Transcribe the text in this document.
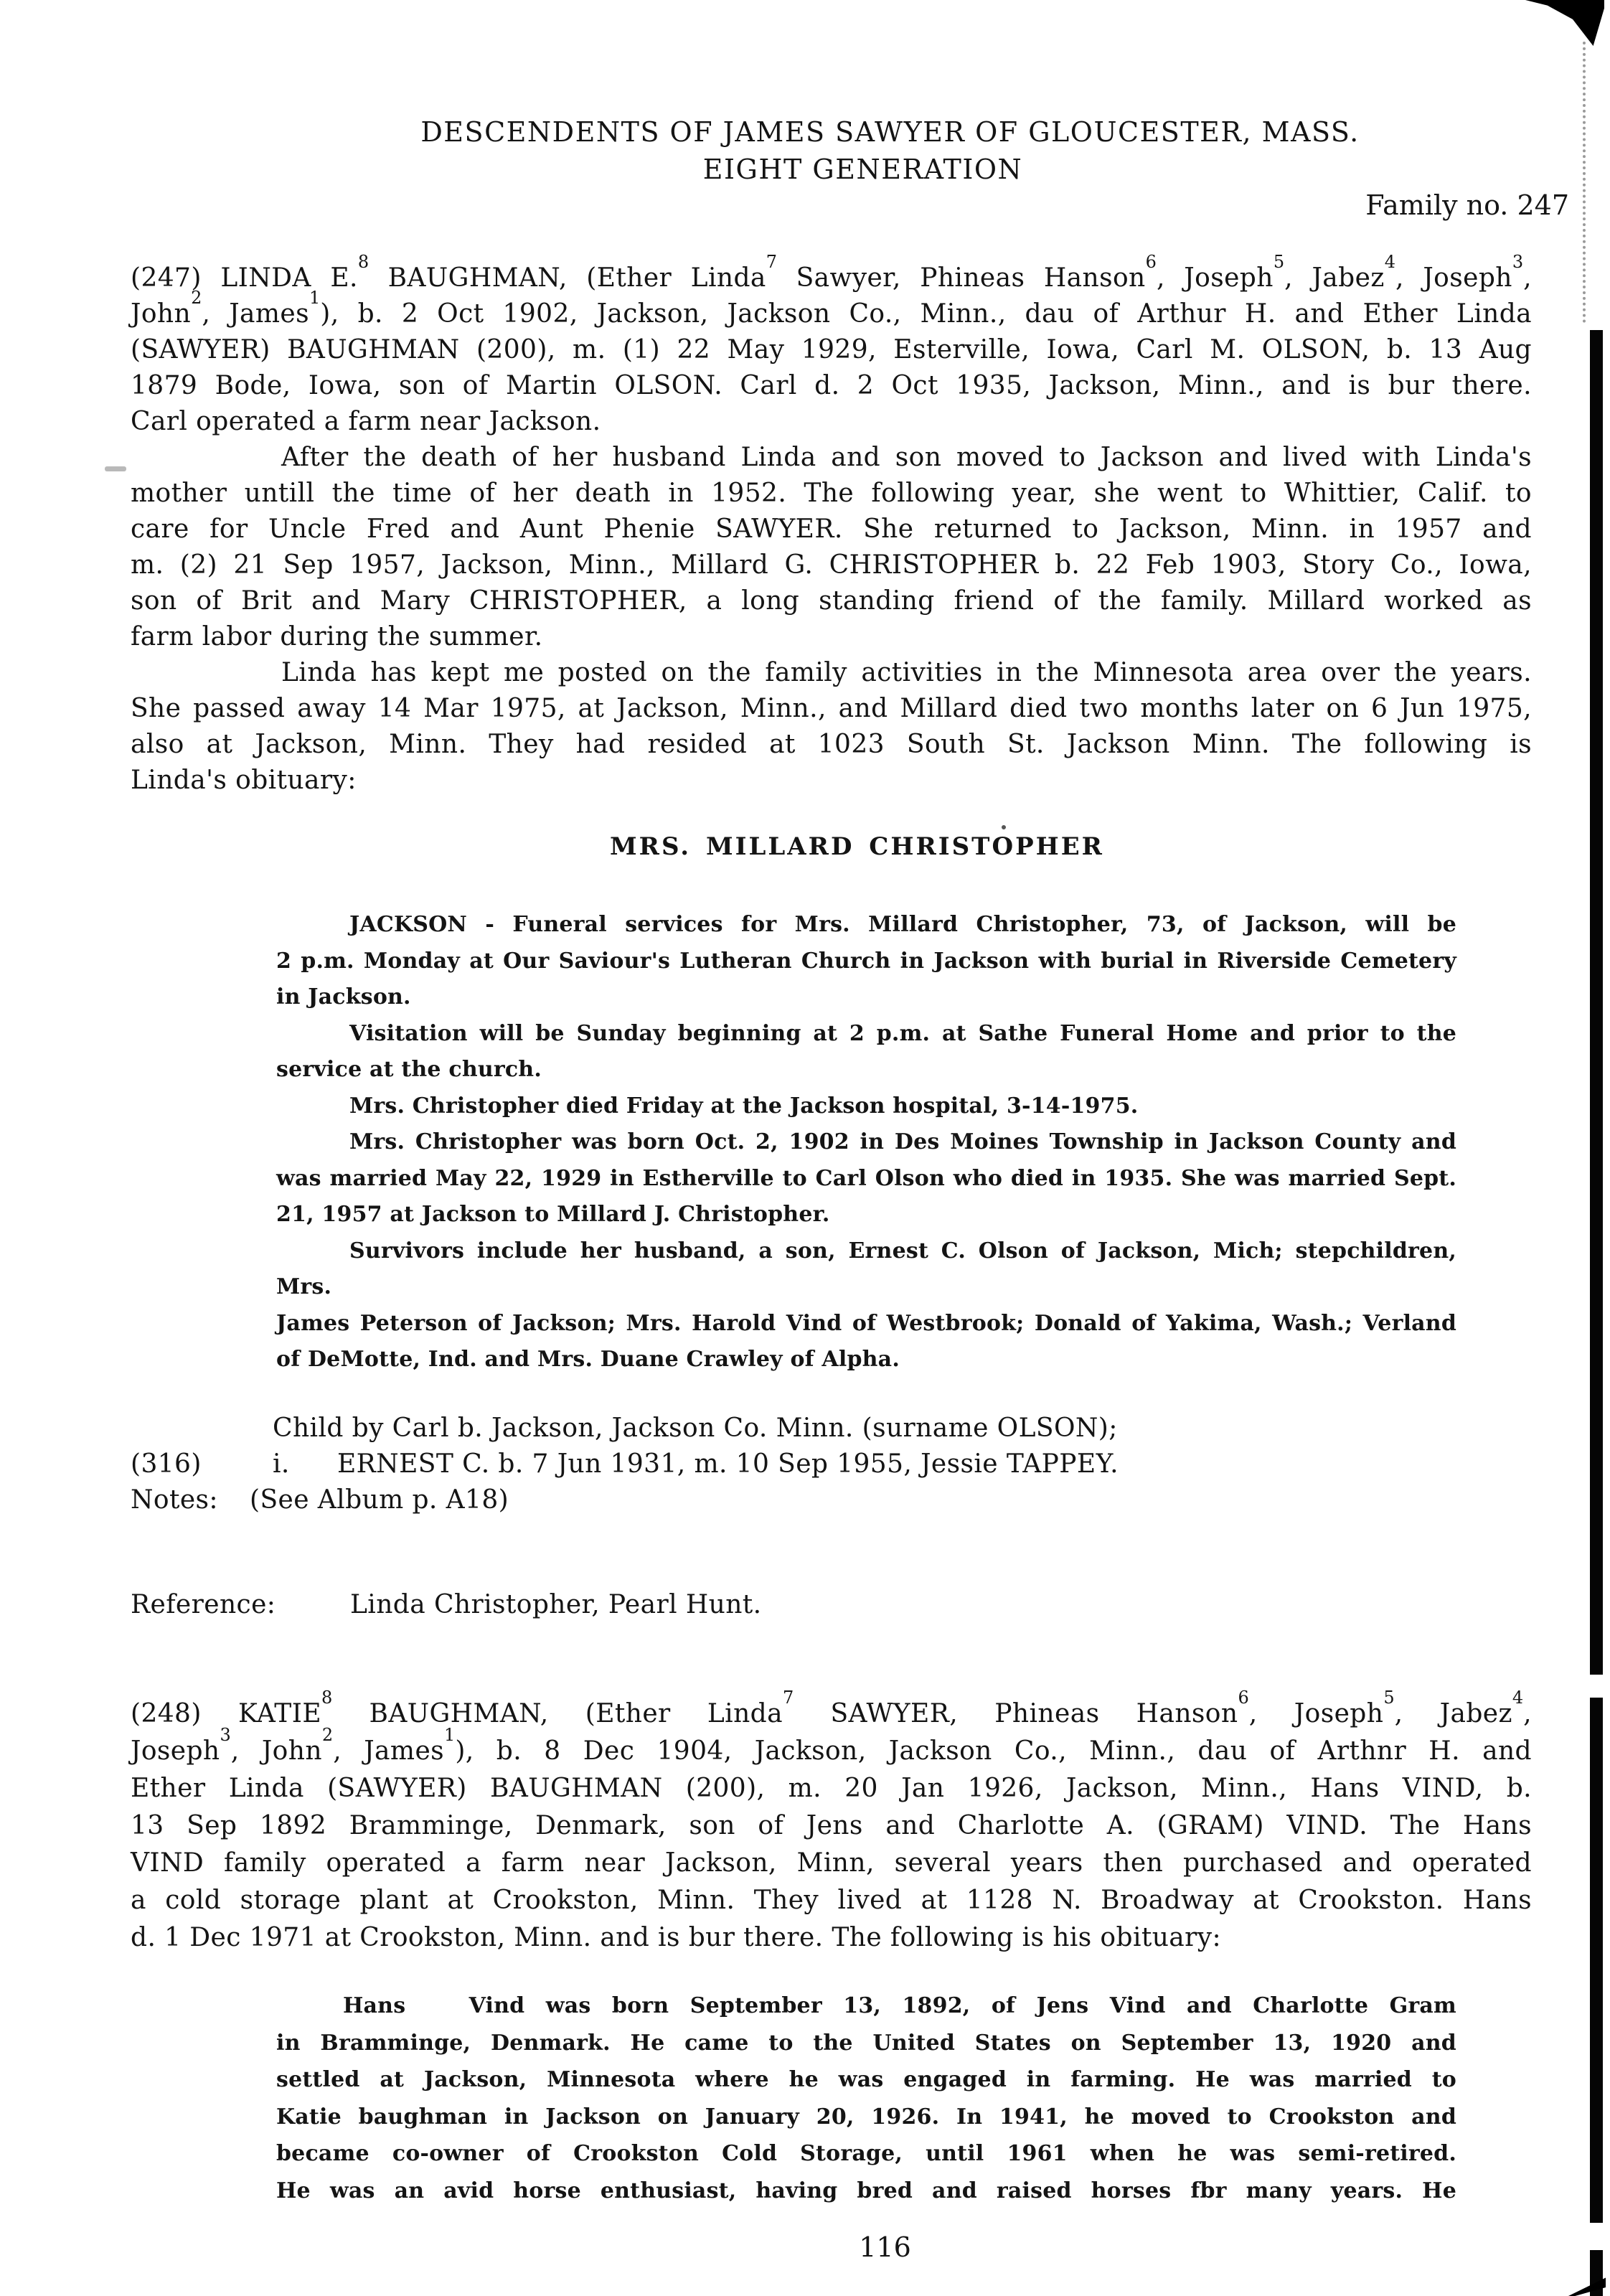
DESCENDENTS OF JAMES SAWYER OF GLOUCESTER, MASS.
EIGHT GENERATION
Family no. 247
(247) LINDA E.$^8$ BAUGHMAN, (Ether Linda$^7$ Sawyer, Phineas Hanson$^6$, Joseph$^5$, Jabez$^4$, Joseph$^3$,
John$^2$, James$^1$), b. 2 Oct 1902, Jackson, Jackson Co., Minn., dau of Arthur H. and Ether Linda
(SAWYER) BAUGHMAN (200), m. (1) 22 May 1929, Esterville, Iowa, Carl M. OLSON, b. 13 Aug
1879 Bode, Iowa, son of Martin OLSON. Carl d. 2 Oct 1935, Jackson, Minn., and is bur there.
Carl operated a farm near Jackson.
After the death of her husband Linda and son moved to Jackson and lived with Linda's
mother untill the time of her death in 1952. The following year, she went to Whittier, Calif. to
care for Uncle Fred and Aunt Phenie SAWYER. She returned to Jackson, Minn. in 1957 and
m. (2) 21 Sep 1957, Jackson, Minn., Millard G. CHRISTOPHER b. 22 Feb 1903, Story Co., Iowa,
son of Brit and Mary CHRISTOPHER, a long standing friend of the family. Millard worked as
farm labor during the summer.
Linda has kept me posted on the family activities in the Minnesota area over the years.
She passed away 14 Mar 1975, at Jackson, Minn., and Millard died two months later on 6 Jun 1975,
also at Jackson, Minn. They had resided at 1023 South St. Jackson Minn. The following is
Linda's obituary:
MRS. MILLARD CHRISTOPHER
JACKSON - Funeral services for Mrs. Millard Christopher, 73, of Jackson, will be
2 p.m. Monday at Our Saviour's Lutheran Church in Jackson with burial in Riverside Cemetery
in Jackson.
Visitation will be Sunday beginning at 2 p.m. at Sathe Funeral Home and prior to the
service at the church.
Mrs. Christopher died Friday at the Jackson hospital, 3-14-1975.
Mrs. Christopher was born Oct. 2, 1902 in Des Moines Township in Jackson County and
was married May 22, 1929 in Estherville to Carl Olson who died in 1935. She was married Sept.
21, 1957 at Jackson to Millard J. Christopher.
Survivors include her husband, a son, Ernest C. Olson of Jackson, Mich; stepchildren, Mrs.
James Peterson of Jackson; Mrs. Harold Vind of Westbrook; Donald of Yakima, Wash.; Verland
of DeMotte, Ind. and Mrs. Duane Crawley of Alpha.
Child by Carl b. Jackson, Jackson Co. Minn. (surname OLSON);
(316)	i. ERNEST C. b. 7 Jun 1931, m. 10 Sep 1955, Jessie TAPPEY.
Notes: (See Album p. A18)
Reference:	Linda Christopher, Pearl Hunt.
(248) KATIE$^8$ BAUGHMAN, (Ether Linda$^7$ SAWYER, Phineas Hanson$^6$, Joseph$^5$, Jabez$^4$,
Joseph$^3$, John$^2$, James$^1$), b. 8 Dec 1904, Jackson, Jackson Co., Minn., dau of Arthnr H. and
Ether Linda (SAWYER) BAUGHMAN (200), m. 20 Jan 1926, Jackson, Minn., Hans VIND, b.
13 Sep 1892 Bramminge, Denmark, son of Jens and Charlotte A. (GRAM) VIND. The Hans
VIND family operated a farm near Jackson, Minn, several years then purchased and operated
a cold storage plant at Crookston, Minn. They lived at 1128 N. Broadway at Crookston. Hans
d. 1 Dec 1971 at Crookston, Minn. and is bur there. The following is his obituary:
Hans   Vind was born September 13, 1892, of Jens Vind and Charlotte Gram
in Bramminge, Denmark. He came to the United States on September 13, 1920 and
settled at Jackson, Minnesota where he was engaged in farming. He was married to
Katie baughman in Jackson on January 20, 1926. In 1941, he moved to Crookston and
became co-owner of Crookston Cold Storage, until 1961 when he was semi-retired.
He was an avid horse enthusiast, having bred and raised horses fbr many years. He
116
